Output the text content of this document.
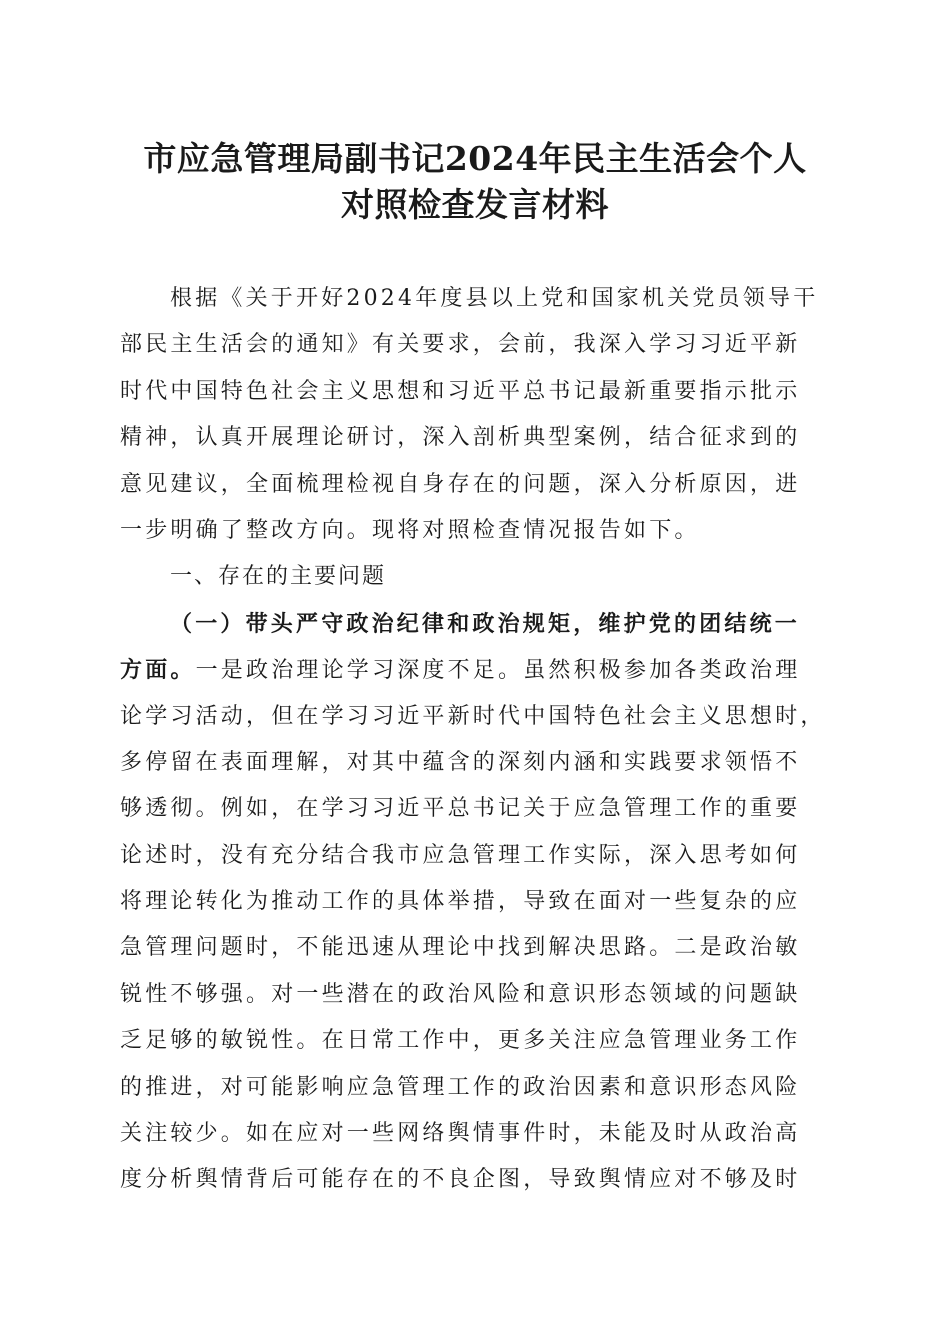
市应急管理局副书记2024年民主生活会个人
对照检查发言材料
根据《关于开好2024年度县以上党和国家机关党员领导干
部民主生活会的通知》有关要求，会前，我深入学习习近平新
时代中国特色社会主义思想和习近平总书记最新重要指示批示
精神，认真开展理论研讨，深入剖析典型案例，结合征求到的
意见建议，全面梳理检视自身存在的问题，深入分析原因，进
一步明确了整改方向。现将对照检查情况报告如下。
一、存在的主要问题
（一）带头严守政治纪律和政治规矩，维护党的团结统一
方面。一是政治理论学习深度不足。虽然积极参加各类政治理
论学习活动，但在学习习近平新时代中国特色社会主义思想时，
多停留在表面理解，对其中蕴含的深刻内涵和实践要求领悟不
够透彻。例如，在学习习近平总书记关于应急管理工作的重要
论述时，没有充分结合我市应急管理工作实际，深入思考如何
将理论转化为推动工作的具体举措，导致在面对一些复杂的应
急管理问题时，不能迅速从理论中找到解决思路。二是政治敏
锐性不够强。对一些潜在的政治风险和意识形态领域的问题缺
乏足够的敏锐性。在日常工作中，更多关注应急管理业务工作
的推进，对可能影响应急管理工作的政治因素和意识形态风险
关注较少。如在应对一些网络舆情事件时，未能及时从政治高
度分析舆情背后可能存在的不良企图，导致舆情应对不够及时
